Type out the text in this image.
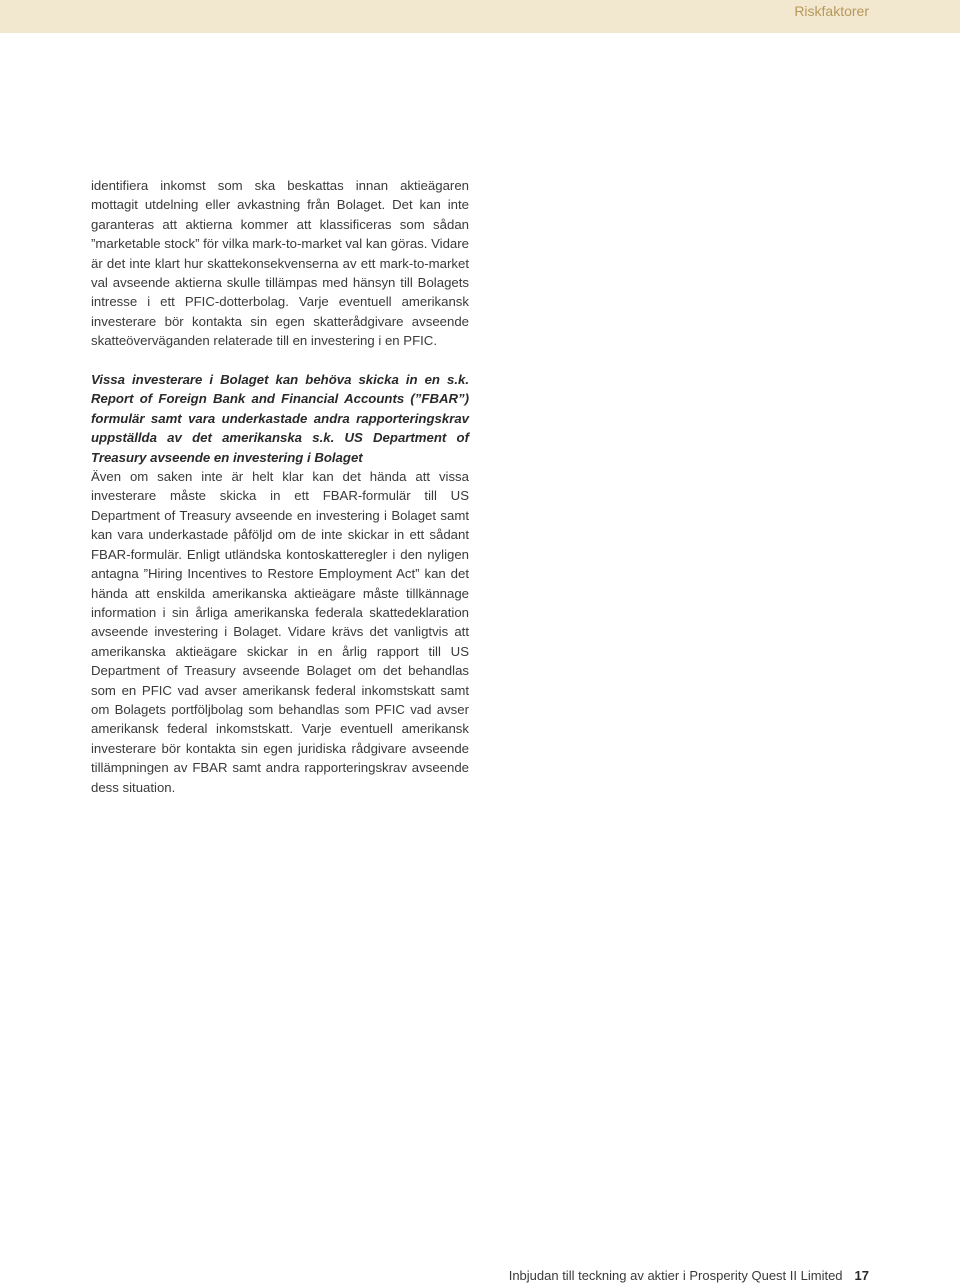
Riskfaktorer

identifiera inkomst som ska beskattas innan aktieägaren mottagit utdelning eller avkastning från Bolaget. Det kan inte garanteras att aktierna kommer att klassificeras som sådan ”marketable stock” för vilka mark-to-market val kan göras. Vidare är det inte klart hur skattekonsekvenserna av ett mark-to-market val avseende aktierna skulle tillämpas med hänsyn till Bolagets intresse i ett PFIC-dotterbolag. Varje eventuell amerikansk investerare bör kontakta sin egen skatterådgivare avseende skatteöverväganden relaterade till en investering i en PFIC.

Vissa investerare i Bolaget kan behöva skicka in en s.k. Report of Foreign Bank and Financial Accounts (”FBAR”) formulär samt vara underkastade andra rapporteringskrav uppställda av det amerikanska s.k. US Department of Treasury avseende en investering i Bolaget

Även om saken inte är helt klar kan det hända att vissa investerare måste skicka in ett FBAR-formulär till US Department of Treasury avseende en investering i Bolaget samt kan vara underkastade påföljd om de inte skickar in ett sådant FBAR-formulär. Enligt utländska kontoskatteregler i den nyligen antagna ”Hiring Incentives to Restore Employment Act” kan det hända att enskilda amerikanska aktieägare måste tillkännage information i sin årliga amerikanska federala skattedeklaration avseende investering i Bolaget. Vidare krävs det vanligtvis att amerikanska aktieägare skickar in en årlig rapport till US Department of Treasury avseende Bolaget om det behandlas som en PFIC vad avser amerikansk federal inkomstskatt samt om Bolagets portföljbolag som behandlas som PFIC vad avser amerikansk federal inkomstskatt. Varje eventuell amerikansk investerare bör kontakta sin egen juridiska rådgivare avseende tillämpningen av FBAR samt andra rapporteringskrav avseende dess situation.

Inbjudan till teckning av aktier i Prosperity Quest II Limited 17
